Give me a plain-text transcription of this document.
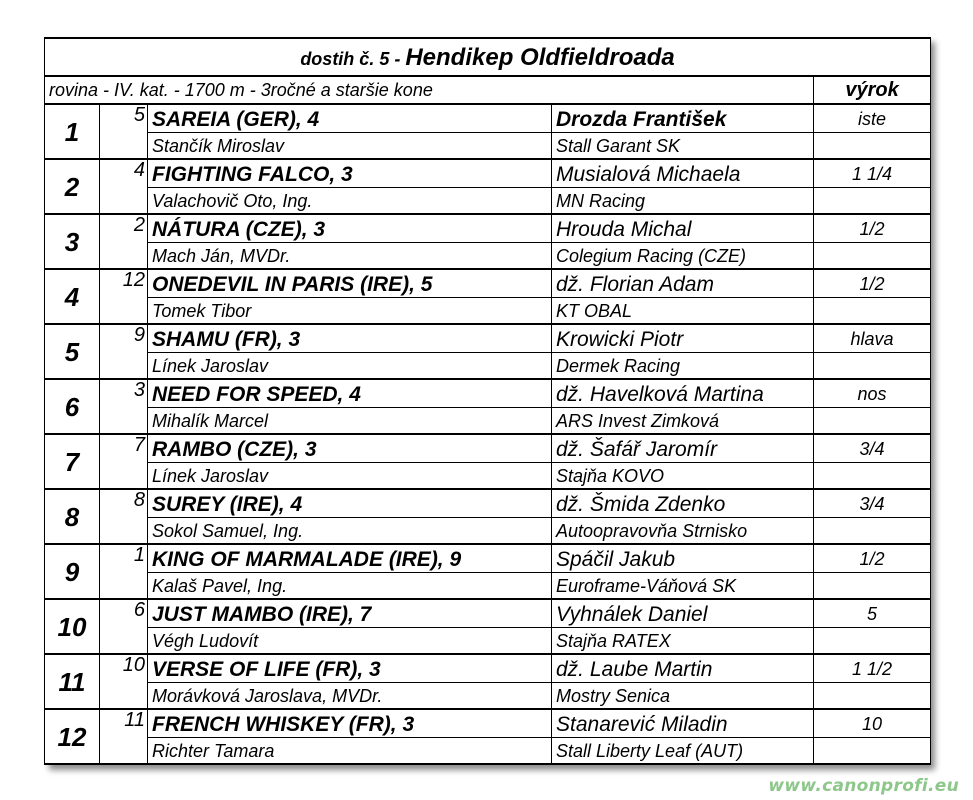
dostih č. 5 - Hendikep Oldfieldroada				
rovina - IV. kat. - 1700 m - 3ročné a staršie kone				výrok
1	5	SAREIA (GER), 4	Drozda František	iste
		Stančík Miroslav	Stall Garant SK	
2	4	FIGHTING FALCO, 3	Musialová Michaela	1 1/4
		Valachovič Oto, Ing.	MN Racing	
3	2	NÁTURA (CZE), 3	Hrouda Michal	1/2
		Mach Ján, MVDr.	Colegium Racing (CZE)	
4	12	ONEDEVIL IN PARIS (IRE), 5	dž. Florian Adam	1/2
		Tomek Tibor	KT OBAL	
5	9	SHAMU (FR), 3	Krowicki Piotr	hlava
		Línek Jaroslav	Dermek Racing	
6	3	NEED FOR SPEED, 4	dž. Havelková Martina	nos
		Mihalík Marcel	ARS Invest Zimková	
7	7	RAMBO (CZE), 3	dž. Šafář Jaromír	3/4
		Línek Jaroslav	Stajňa KOVO	
8	8	SUREY (IRE), 4	dž. Šmida Zdenko	3/4
		Sokol Samuel, Ing.	Autoopravovňa Strnisko	
9	1	KING OF MARMALADE (IRE), 9	Spáčil Jakub	1/2
		Kalaš Pavel, Ing.	Euroframe-Váňová SK	
10	6	JUST MAMBO (IRE), 7	Vyhnálek Daniel	5
		Végh Ludovít	Stajňa RATEX	
11	10	VERSE OF LIFE (FR), 3	dž. Laube Martin	1 1/2
		Morávková Jaroslava, MVDr.	Mostry Senica	
12	11	FRENCH WHISKEY (FR), 3	Stanarević Miladin	10
		Richter Tamara	Stall Liberty Leaf (AUT)	
www.canonprofi.eu
